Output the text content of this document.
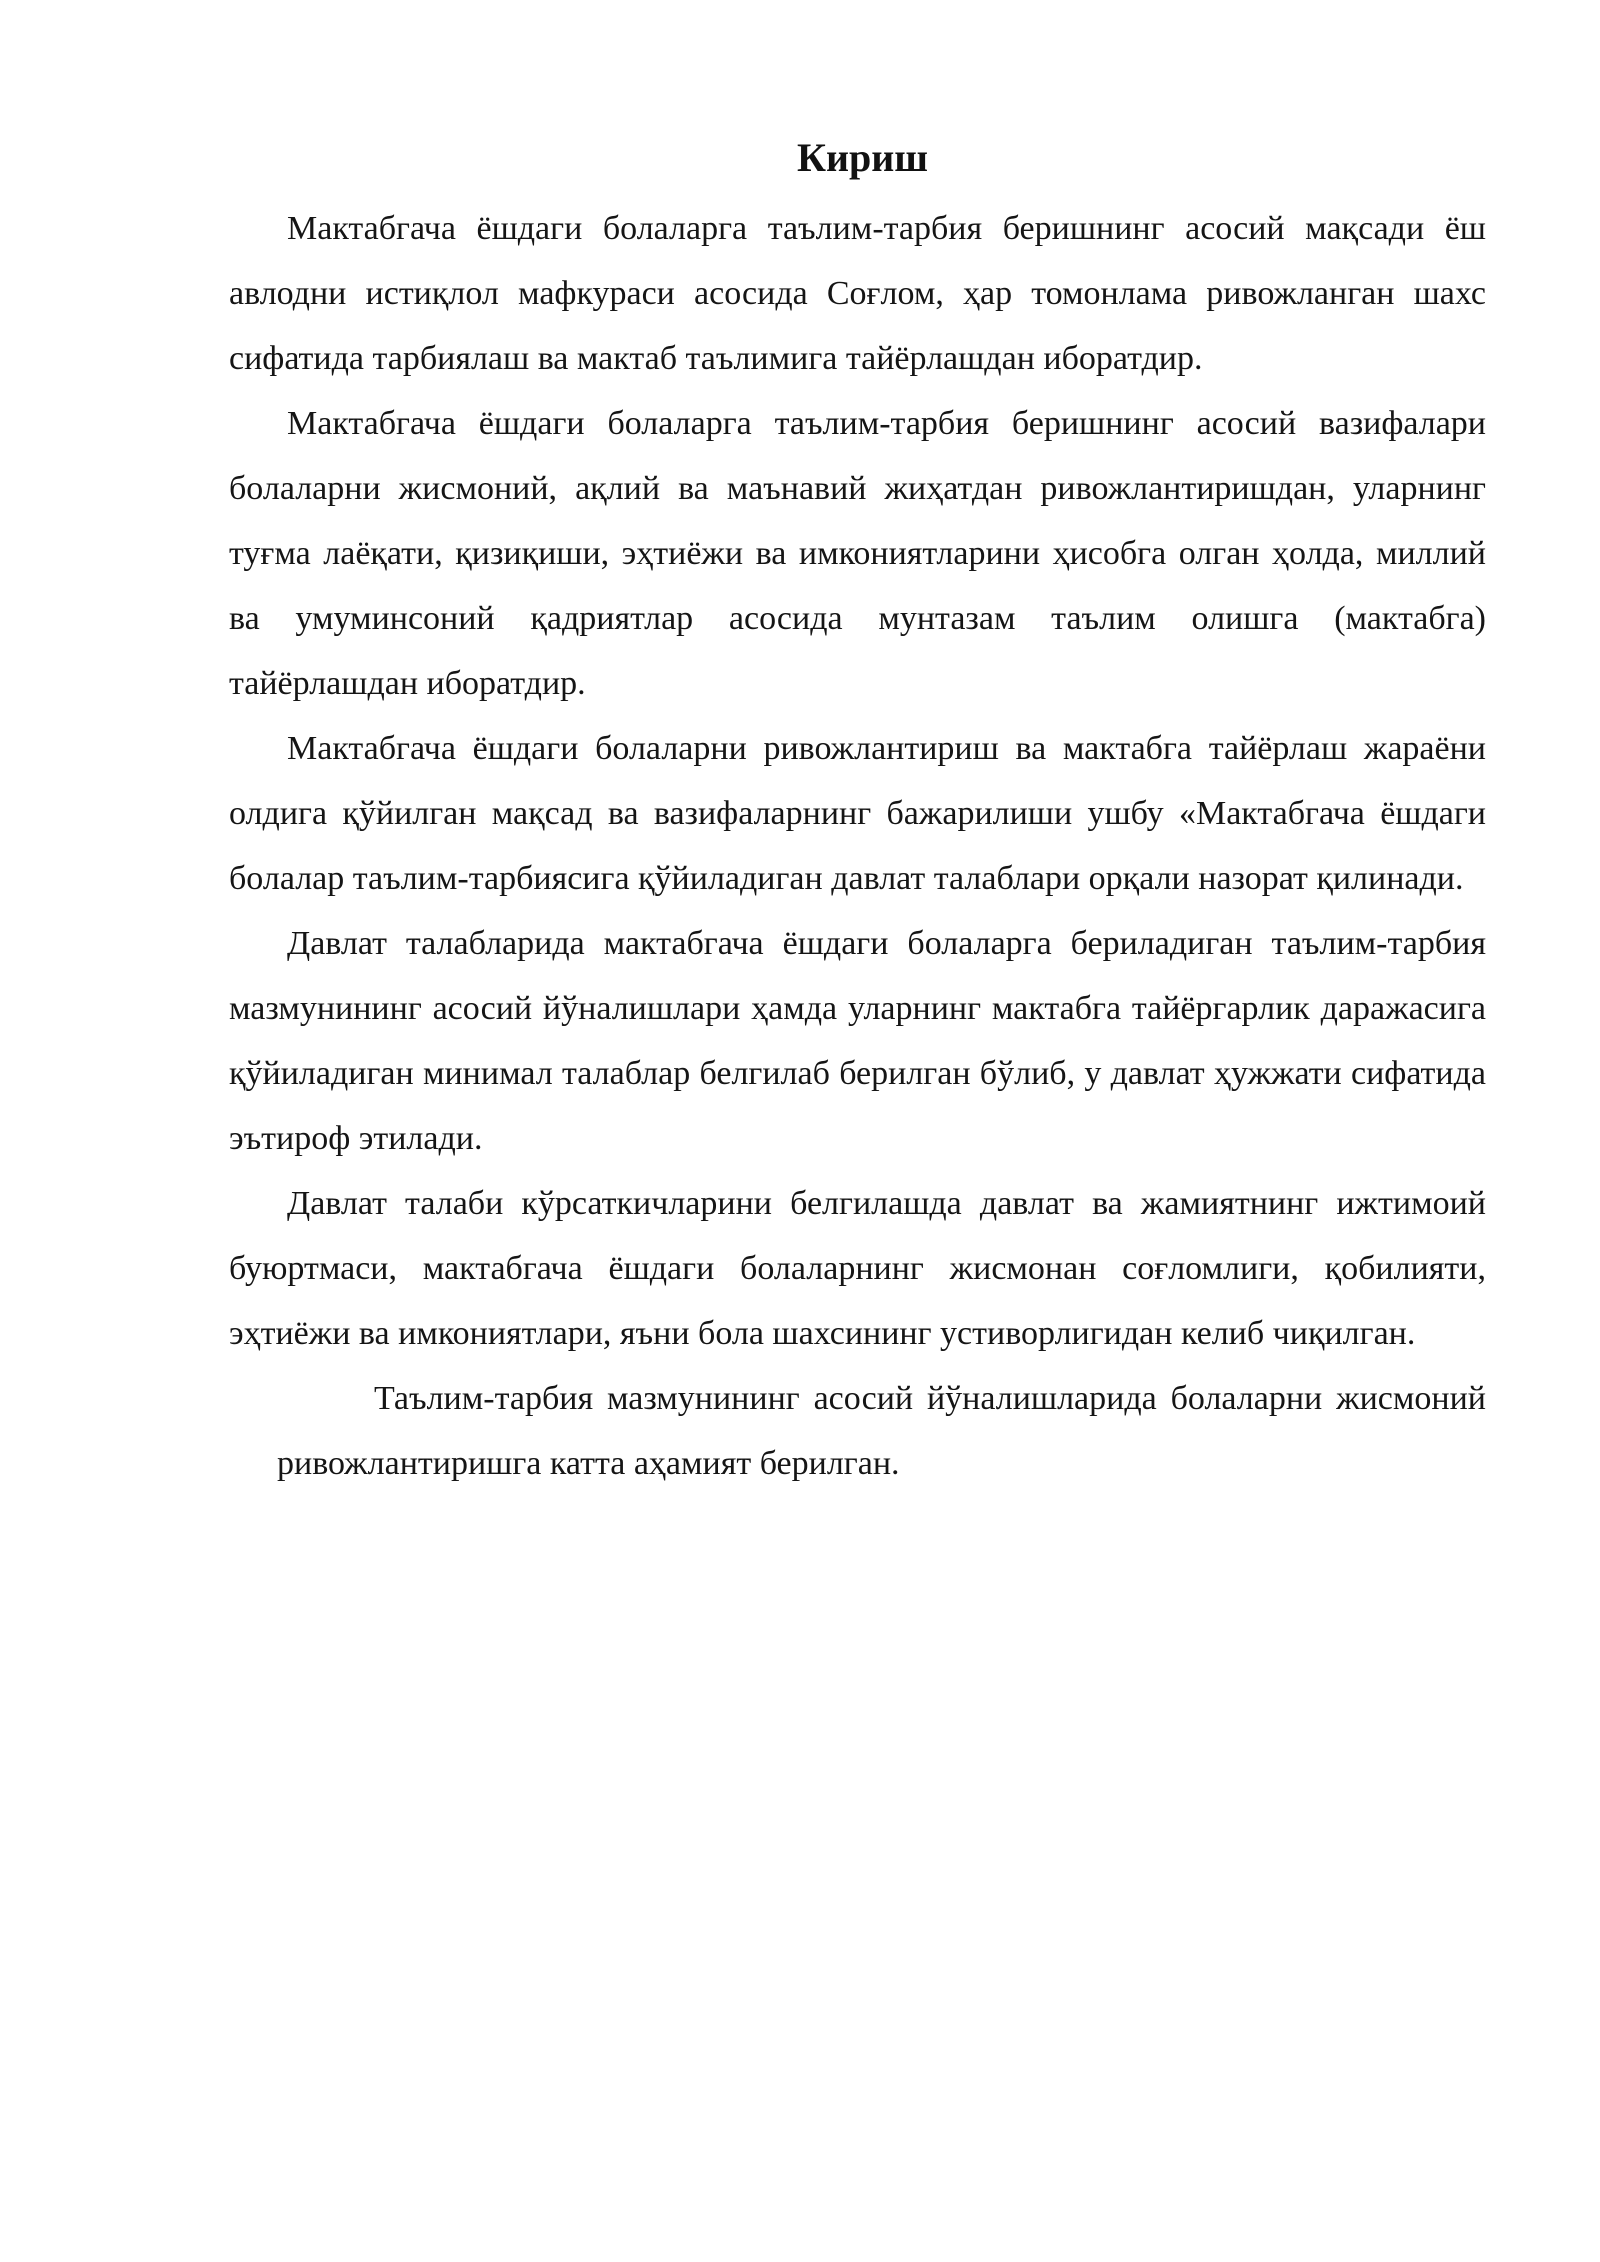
Кириш

Мактабгача ёшдаги болаларга таълим-тарбия беришнинг асосий мақсади ёш авлодни истиқлол мафкураси асосида Соғлом, ҳар томонлама ривожланган шахс сифатида тарбиялаш ва мактаб таълимига тайёрлашдан иборатдир.

Мактабгача ёшдаги болаларга таълим-тарбия беришнинг асосий вазифалари болаларни жисмоний, ақлий ва маънавий жиҳатдан ривожлантиришдан, уларнинг туғма лаёқати, қизиқиши, эҳтиёжи ва имкониятларини ҳисобга олган ҳолда, миллий ва умуминсоний қадриятлар асосида мунтазам таълим олишга (мактабга) тайёрлашдан иборатдир.

Мактабгача ёшдаги болаларни ривожлантириш ва мактабга тайёрлаш жараёни олдига қўйилган мақсад ва вазифаларнинг бажарилиши ушбу «Мактабгача ёшдаги болалар таълим-тарбиясига қўйиладиган давлат талаблари орқали назорат қилинади.

Давлат талабларида мактабгача ёшдаги болаларга бериладиган таълим-тарбия мазмунининг асосий йўналишлари ҳамда уларнинг мактабга тайёргарлик даражасига қўйиладиган минимал талаблар белгилаб берилган бўлиб, у давлат ҳужжати сифатида эътироф этилади.

Давлат талаби кўрсаткичларини белгилашда давлат ва жамиятнинг ижтимоий буюртмаси, мактабгача ёшдаги болаларнинг жисмонан соғломлиги, қобилияти, эҳтиёжи ва имкониятлари, яъни бола шахсининг устиворлигидан келиб чиқилган.

Таълим-тарбия мазмунининг асосий йўналишларида болаларни жисмоний ривожлантиришга катта аҳамият берилган.
